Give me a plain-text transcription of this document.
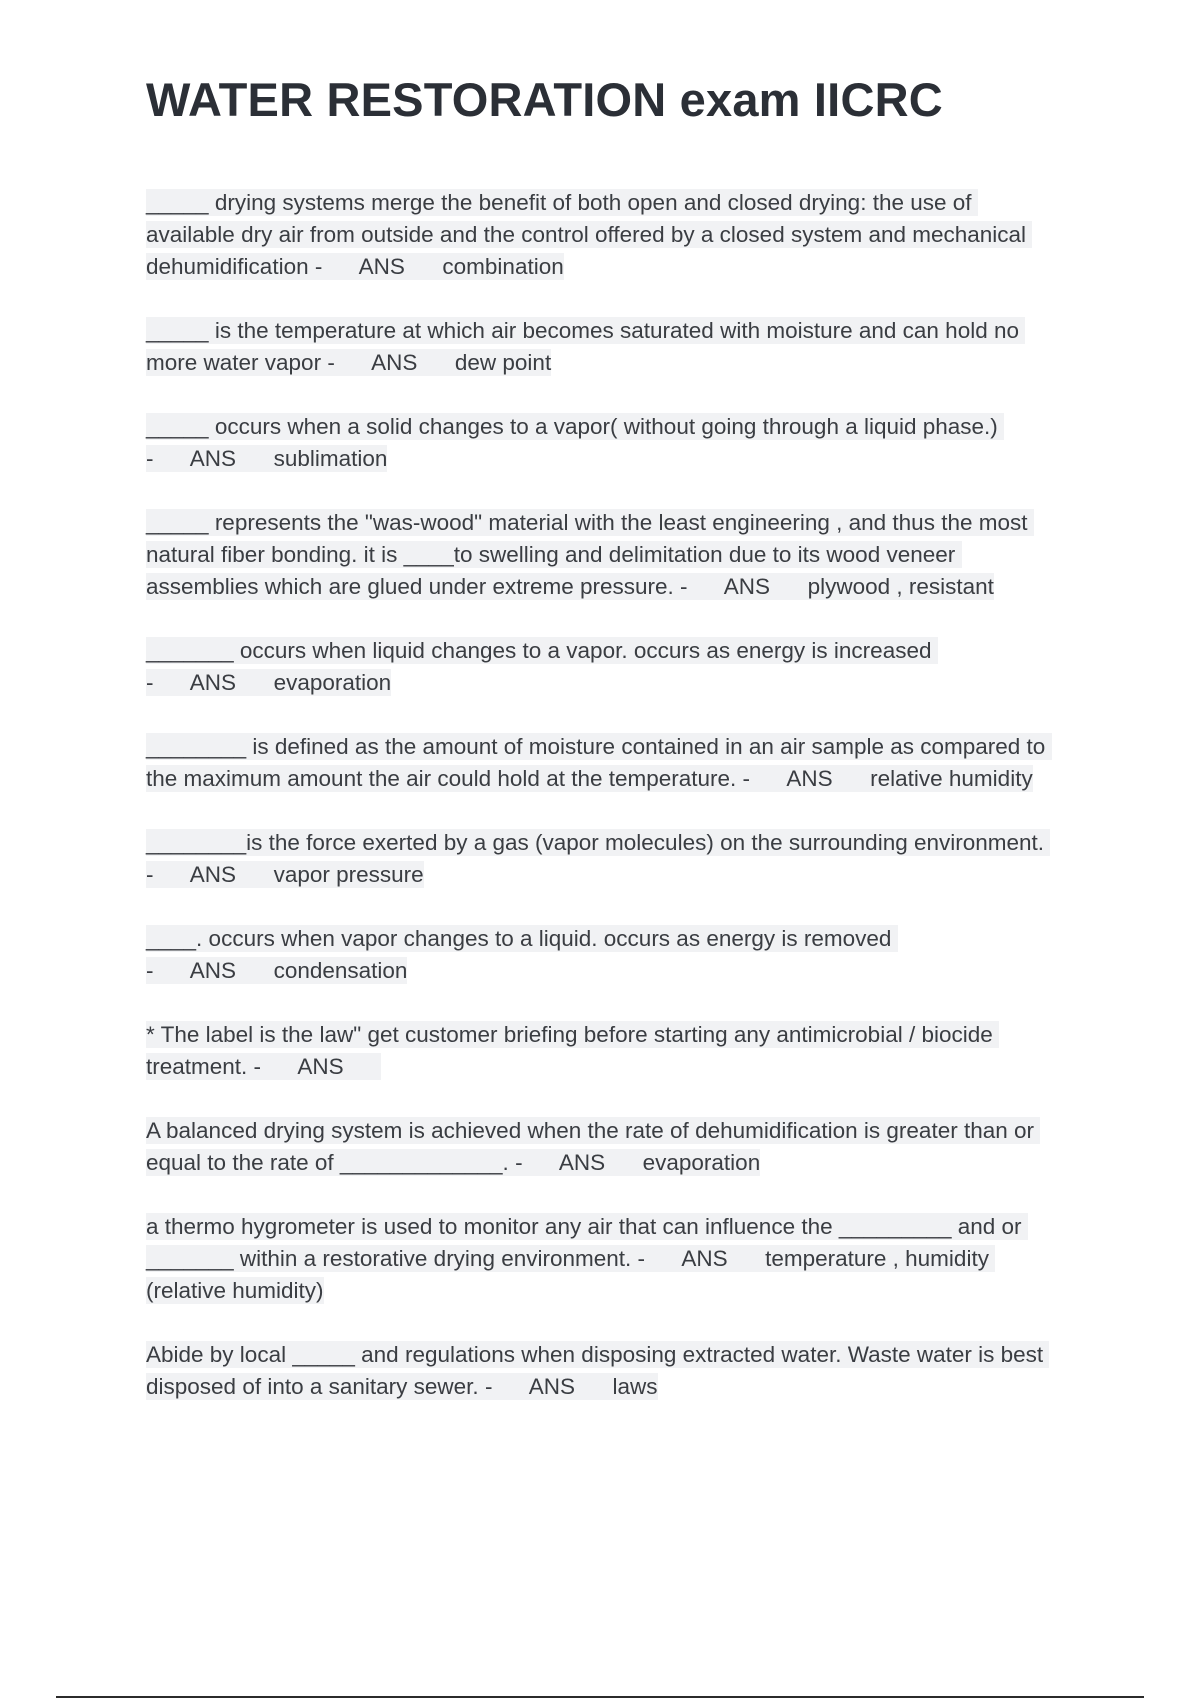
WATER RESTORATION exam IICRC
_____ drying systems merge the benefit of both open and closed drying: the use of available dry air from outside and the control offered by a closed system and mechanical dehumidification - ANS combination
_____ is the temperature at which air becomes saturated with moisture and can hold no more water vapor - ANS dew point
_____ occurs when a solid changes to a vapor( without going through a liquid phase.) - ANS sublimation
_____ represents the "was-wood" material with the least engineering , and thus the most natural fiber bonding. it is ____to swelling and delimitation due to its wood veneer assemblies which are glued under extreme pressure. - ANS plywood , resistant
_______ occurs when liquid changes to a vapor. occurs as energy is increased - ANS evaporation
________ is defined as the amount of moisture contained in an air sample as compared to the maximum amount the air could hold at the temperature. - ANS relative humidity
________is the force exerted by a gas (vapor molecules) on the surrounding environment. - ANS vapor pressure
____. occurs when vapor changes to a liquid. occurs as energy is removed - ANS condensation
* The label is the law" get customer briefing before starting any antimicrobial / biocide treatment. - ANS
A balanced drying system is achieved when the rate of dehumidification is greater than or equal to the rate of _____________. - ANS evaporation
a thermo hygrometer is used to monitor any air that can influence the _________ and or _______ within a restorative drying environment. - ANS temperature , humidity (relative humidity)
Abide by local _____ and regulations when disposing extracted water. Waste water is best disposed of into a sanitary sewer. - ANS laws
